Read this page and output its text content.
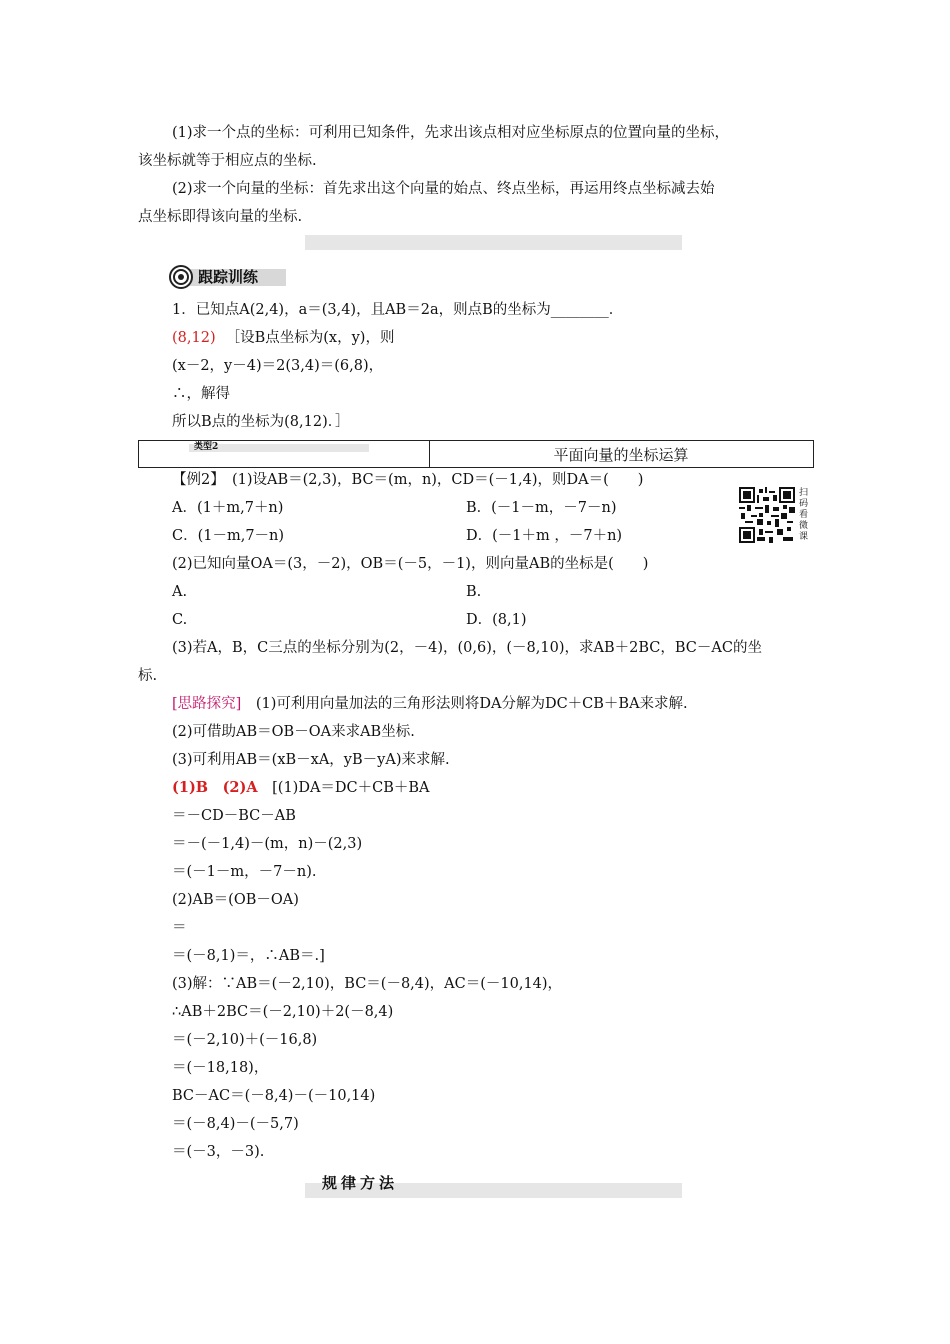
(1)求一个点的坐标：可利用已知条件，先求出该点相对应坐标原点的位置向量的坐标，
该坐标就等于相应点的坐标.
(2)求一个向量的坐标：首先求出这个向量的始点、终点坐标，再运用终点坐标减去始
点坐标即得该向量的坐标.
跟踪训练
1．已知点A(2,4)，a＝(3,4)，且AB＝2a，则点B的坐标为________．
(8,12) ［设B点坐标为(x，y)，则
(x－2，y－4)＝2(3,4)＝(6,8)，
∴，解得
所以B点的坐标为(8,12)．］
类型2	平面向量的坐标运算
【例2】　(1)设AB＝(2,3)，BC＝(m，n)，CD＝(－1,4)，则DA＝(　　)
A．(1＋m,7＋n)	B．(－1－m，－7－n)
C．(1－m,7－n)	D．(－1＋m ，－7＋n)
扫码看微课
(2)已知向量OA＝(3，－2)，OB＝(－5，－1)，则向量AB的坐标是(　　)
A.	B.
C.	D．(8,1)
(3)若A，B，C三点的坐标分别为(2，－4)，(0,6)，(－8,10)，求AB＋2BC，BC－AC的坐
标.
[思路探究]　(1)可利用向量加法的三角形法则将DA分解为DC＋CB＋BA来求解.
(2)可借助AB＝OB－OA来求AB坐标.
(3)可利用AB＝(xB－xA，yB－yA)来求解.
(1)B　(2)A　[(1)DA＝DC＋CB＋BA
＝－CD－BC－AB
＝－(－1,4)－(m，n)－(2,3)
＝(－1－m，－7－n).
(2)AB＝(OB－OA)
＝
＝(－8,1)＝，∴AB＝.]
(3)解：∵AB＝(－2,10)，BC＝(－8,4)，AC＝(－10,14)，
∴AB＋2BC＝(－2,10)＋2(－8,4)
＝(－2,10)＋(－16,8)
＝(－18,18)，
BC－AC＝(－8,4)－(－10,14)
＝(－8,4)－(－5,7)
＝(－3，－3).
规律方法
